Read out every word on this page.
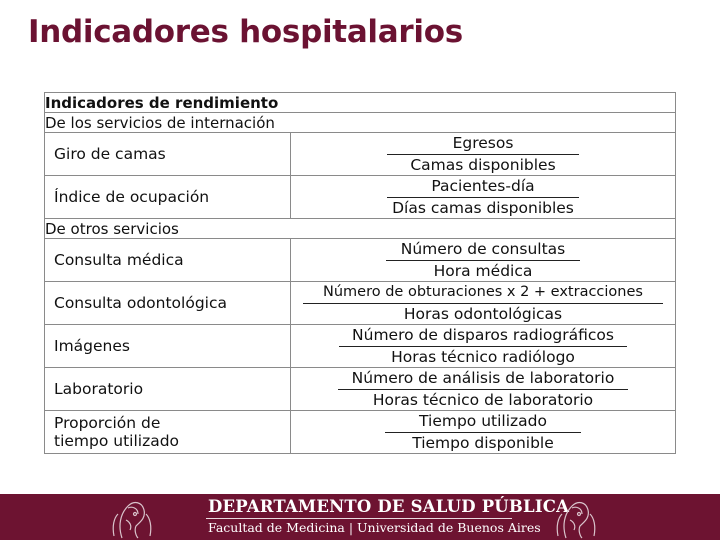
Indicadores hospitalarios
Indicadores de rendimiento	
De los servicios de internación	
Giro de camas	$\frac{\text{Egresos}}{\text{Camas disponibles}}$

Índice de ocupación	$\frac{\text{Pacientes-día}}{\text{Días camas disponibles}}$

De otros servicios	
Consulta médica	$\frac{\text{Número de consultas}}{\text{Hora médica}}$

Consulta odontológica	$\frac{\text{Número de obturaciones x 2 + extracciones}}{\text{Horas odontológicas}}$

Imágenes	$\frac{\text{Número de disparos radiográficos}}{\text{Horas técnico radiólogo}}$

Laboratorio	$\frac{\text{Número de análisis de laboratorio}}{\text{Horas técnico de laboratorio}}$

Proporción de
tiempo utilizado	$\frac{\text{Tiempo utilizado}}{\text{Tiempo disponible}}$
DEPARTAMENTO DE SALUD PÚBLICA
Facultad de Medicina | Universidad de Buenos Aires
